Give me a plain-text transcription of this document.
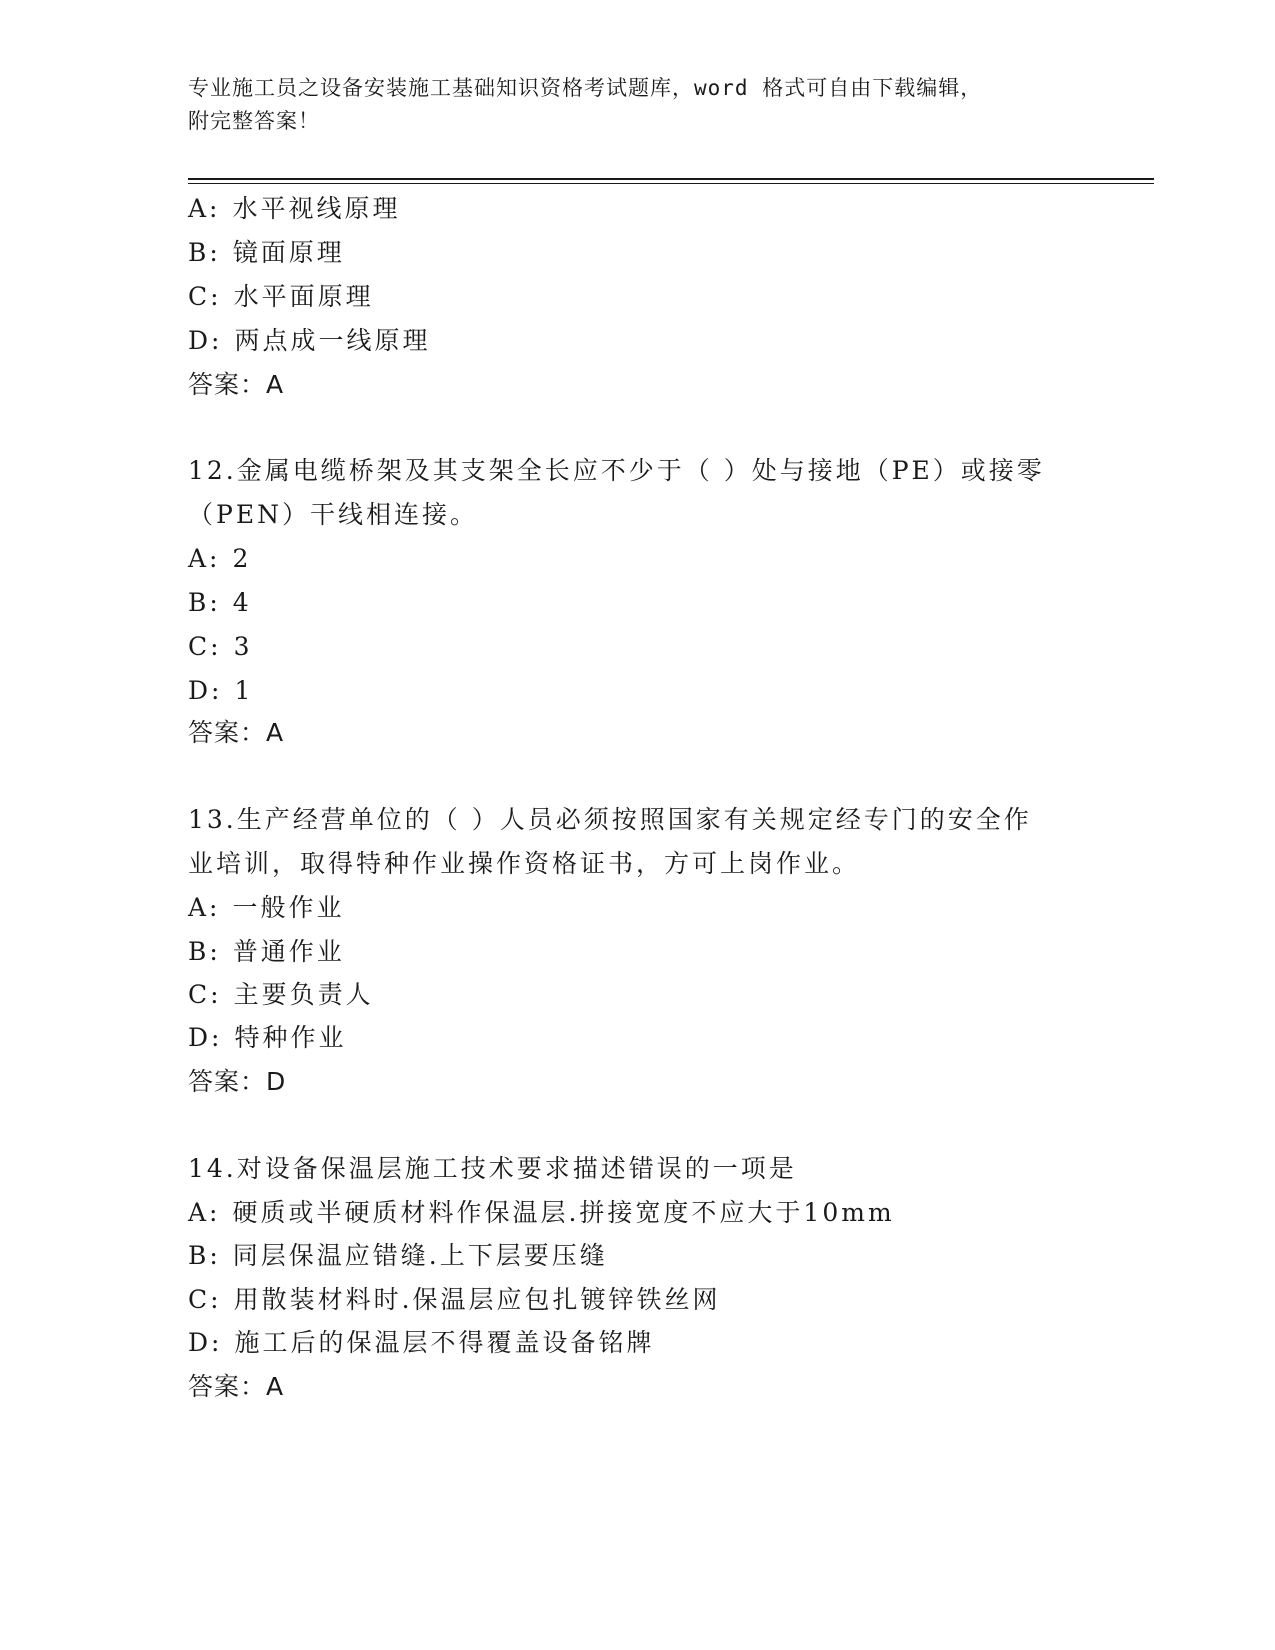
专业施工员之设备安装施工基础知识资格考试题库，word 格式可自由下载编辑，
附完整答案！
A: 水平视线原理
B: 镜面原理
C: 水平面原理
D: 两点成一线原理
答案：A
12.金属电缆桥架及其支架全长应不少于（ ）处与接地（PE）或接零
（PEN）干线相连接。
A: 2
B: 4
C: 3
D: 1
答案：A
13.生产经营单位的（ ）人员必须按照国家有关规定经专门的安全作
业培训，取得特种作业操作资格证书，方可上岗作业。
A: 一般作业
B: 普通作业
C: 主要负责人
D: 特种作业
答案：D
14.对设备保温层施工技术要求描述错误的一项是
A: 硬质或半硬质材料作保温层.拼接宽度不应大于10mm
B: 同层保温应错缝.上下层要压缝
C: 用散装材料时.保温层应包扎镀锌铁丝网
D: 施工后的保温层不得覆盖设备铭牌
答案：A
